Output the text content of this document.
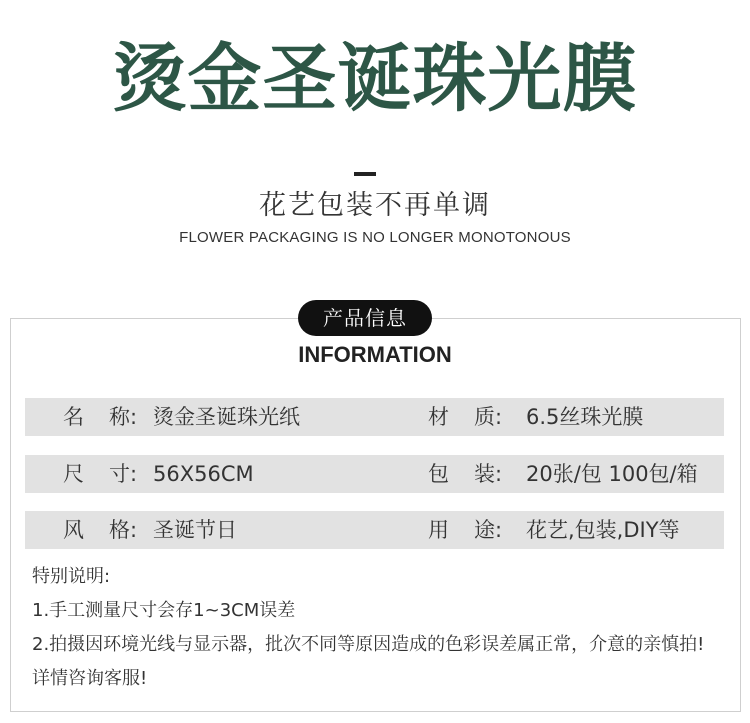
烫金圣诞珠光膜
花艺包装不再单调
FLOWER PACKAGING IS NO LONGER MONOTONOUS
产品信息
INFORMATION
名 称: 烫金圣诞珠光纸	材 质: 6.5丝珠光膜
尺 寸: 56X56CM	包 装: 20张/包 100包/箱
风 格: 圣诞节日	用 途: 花艺,包装,DIY等
特别说明:
1.手工测量尺寸会存1~3CM误差
2.拍摄因环境光线与显示器，批次不同等原因造成的色彩误差属正常，介意的亲慎拍!
详情咨询客服!
